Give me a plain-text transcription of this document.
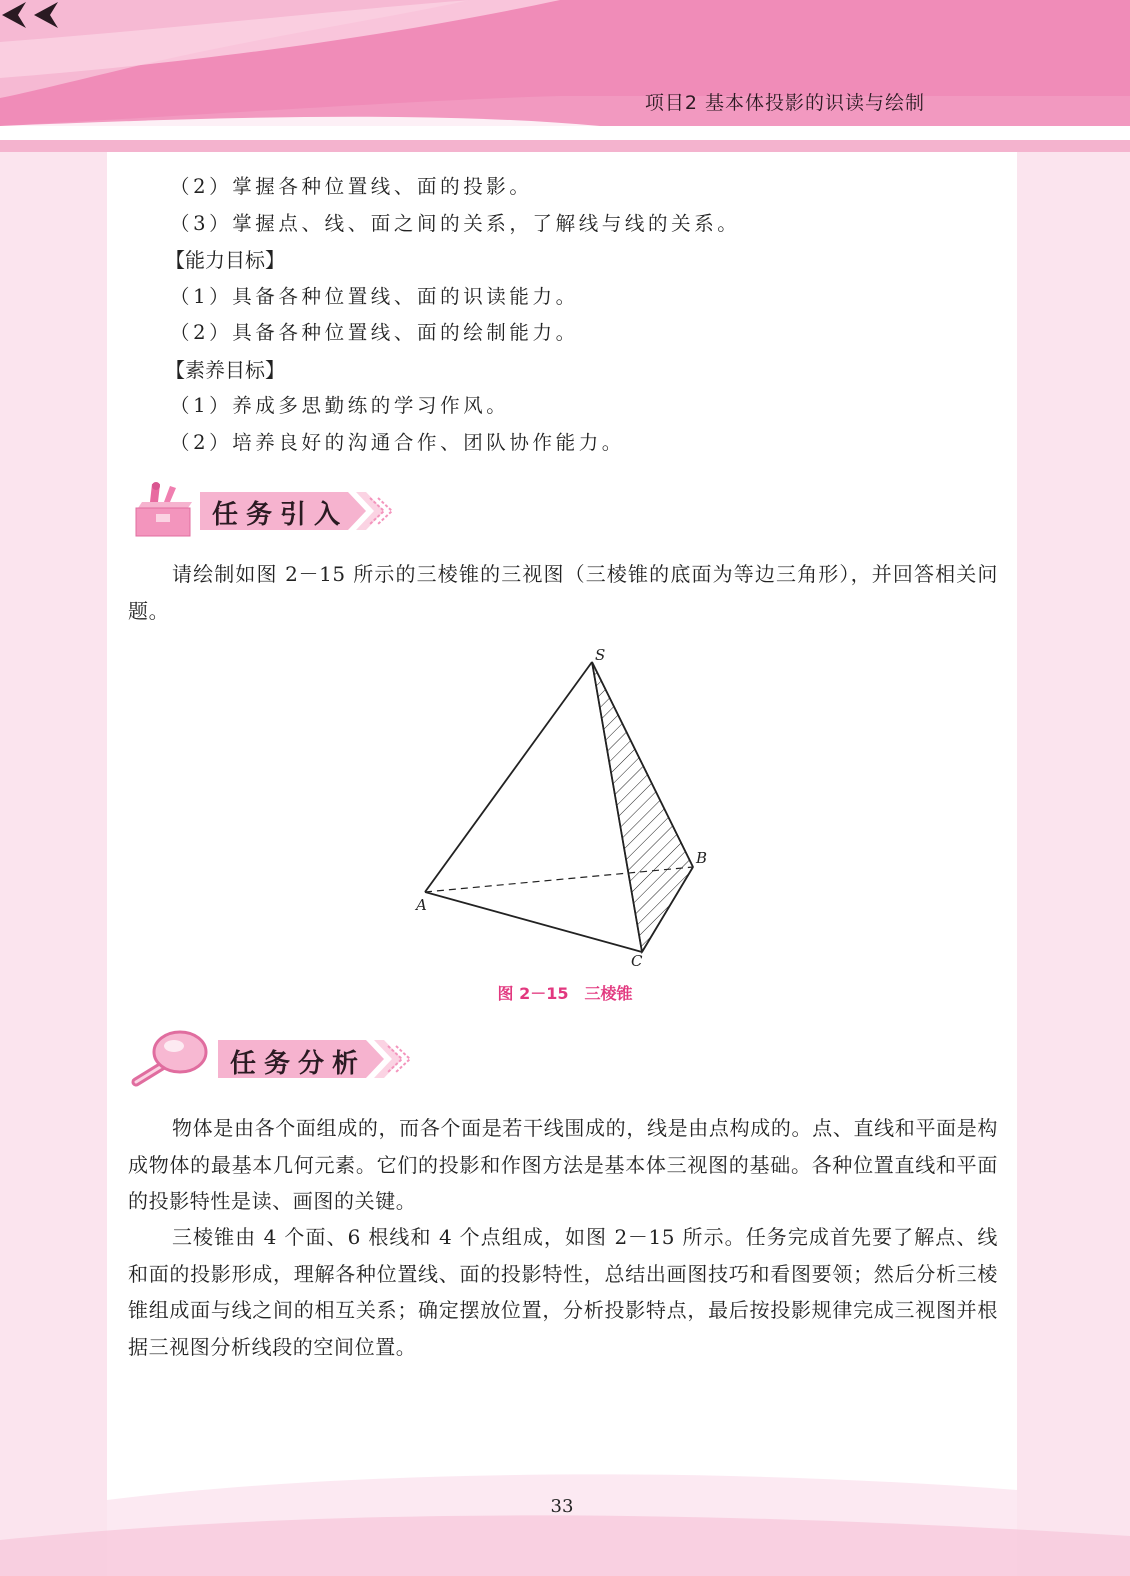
项目2 基本体投影的识读与绘制
（2）掌握各种位置线、面的投影。
（3）掌握点、线、面之间的关系，了解线与线的关系。
【能力目标】
（1）具备各种位置线、面的识读能力。
（2）具备各种位置线、面的绘制能力。
【素养目标】
（1）养成多思勤练的学习作风。
（2）培养良好的沟通合作、团队协作能力。
任务引入
请绘制如图 2－15 所示的三棱锥的三视图（三棱锥的底面为等边三角形），并回答相关问题。
S
A
B
C
图 2－15　三棱锥
任务分析
物体是由各个面组成的，而各个面是若干线围成的，线是由点构成的。点、直线和平面是构成物体的最基本几何元素。它们的投影和作图方法是基本体三视图的基础。各种位置直线和平面的投影特性是读、画图的关键。
三棱锥由 4 个面、6 根线和 4 个点组成，如图 2－15 所示。任务完成首先要了解点、线和面的投影形成，理解各种位置线、面的投影特性，总结出画图技巧和看图要领；然后分析三棱锥组成面与线之间的相互关系；确定摆放位置，分析投影特点，最后按投影规律完成三视图并根据三视图分析线段的空间位置。
33
